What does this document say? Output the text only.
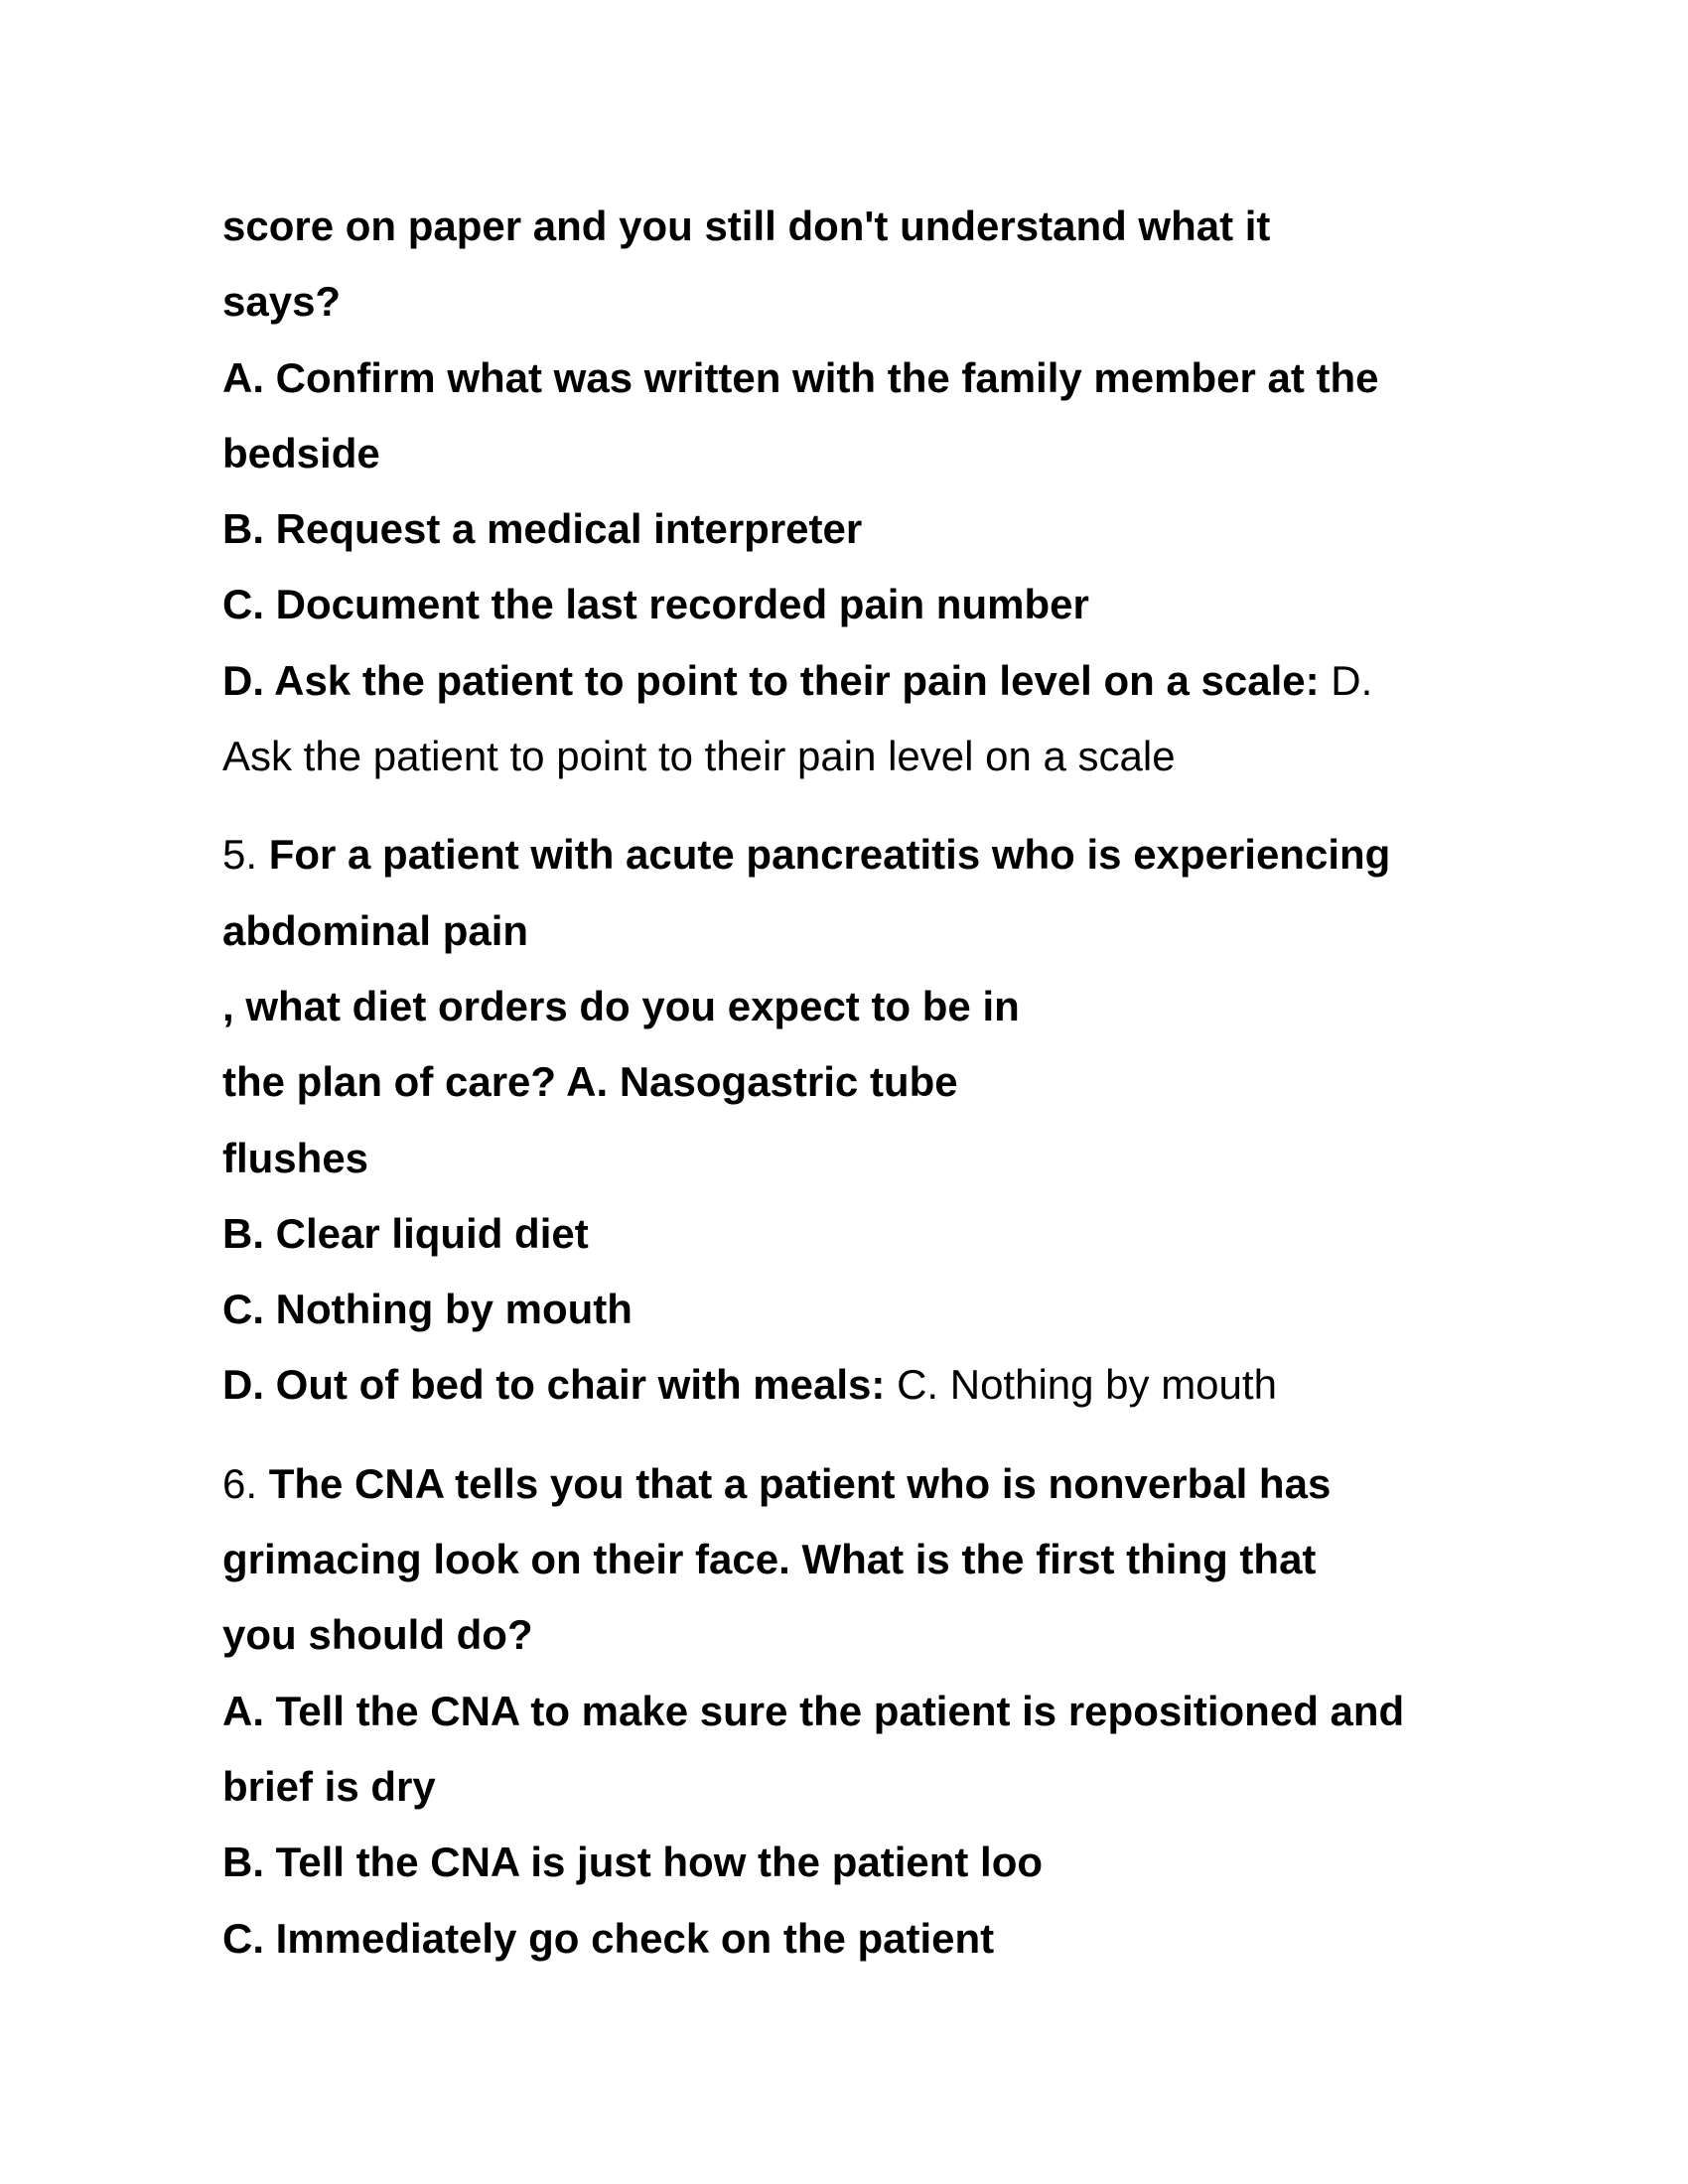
score on paper and you still don't understand what it

says?

A. Confirm what was written with the family member at the

bedside

B. Request a medical interpreter

C. Document the last recorded pain number

D. Ask the patient to point to their pain level on a scale: D.

Ask the patient to point to their pain level on a scale

5. For a patient with acute pancreatitis who is experiencing

abdominal pain

, what diet orders do you expect to be in

the plan of care? A. Nasogastric tube

flushes

B. Clear liquid diet

C. Nothing by mouth

D. Out of bed to chair with meals: C. Nothing by mouth

6. The CNA tells you that a patient who is nonverbal has

grimacing look on their face. What is the first thing that

you should do?

A. Tell the CNA to make sure the patient is repositioned and

brief is dry

B. Tell the CNA is just how the patient loo

C. Immediately go check on the patient
